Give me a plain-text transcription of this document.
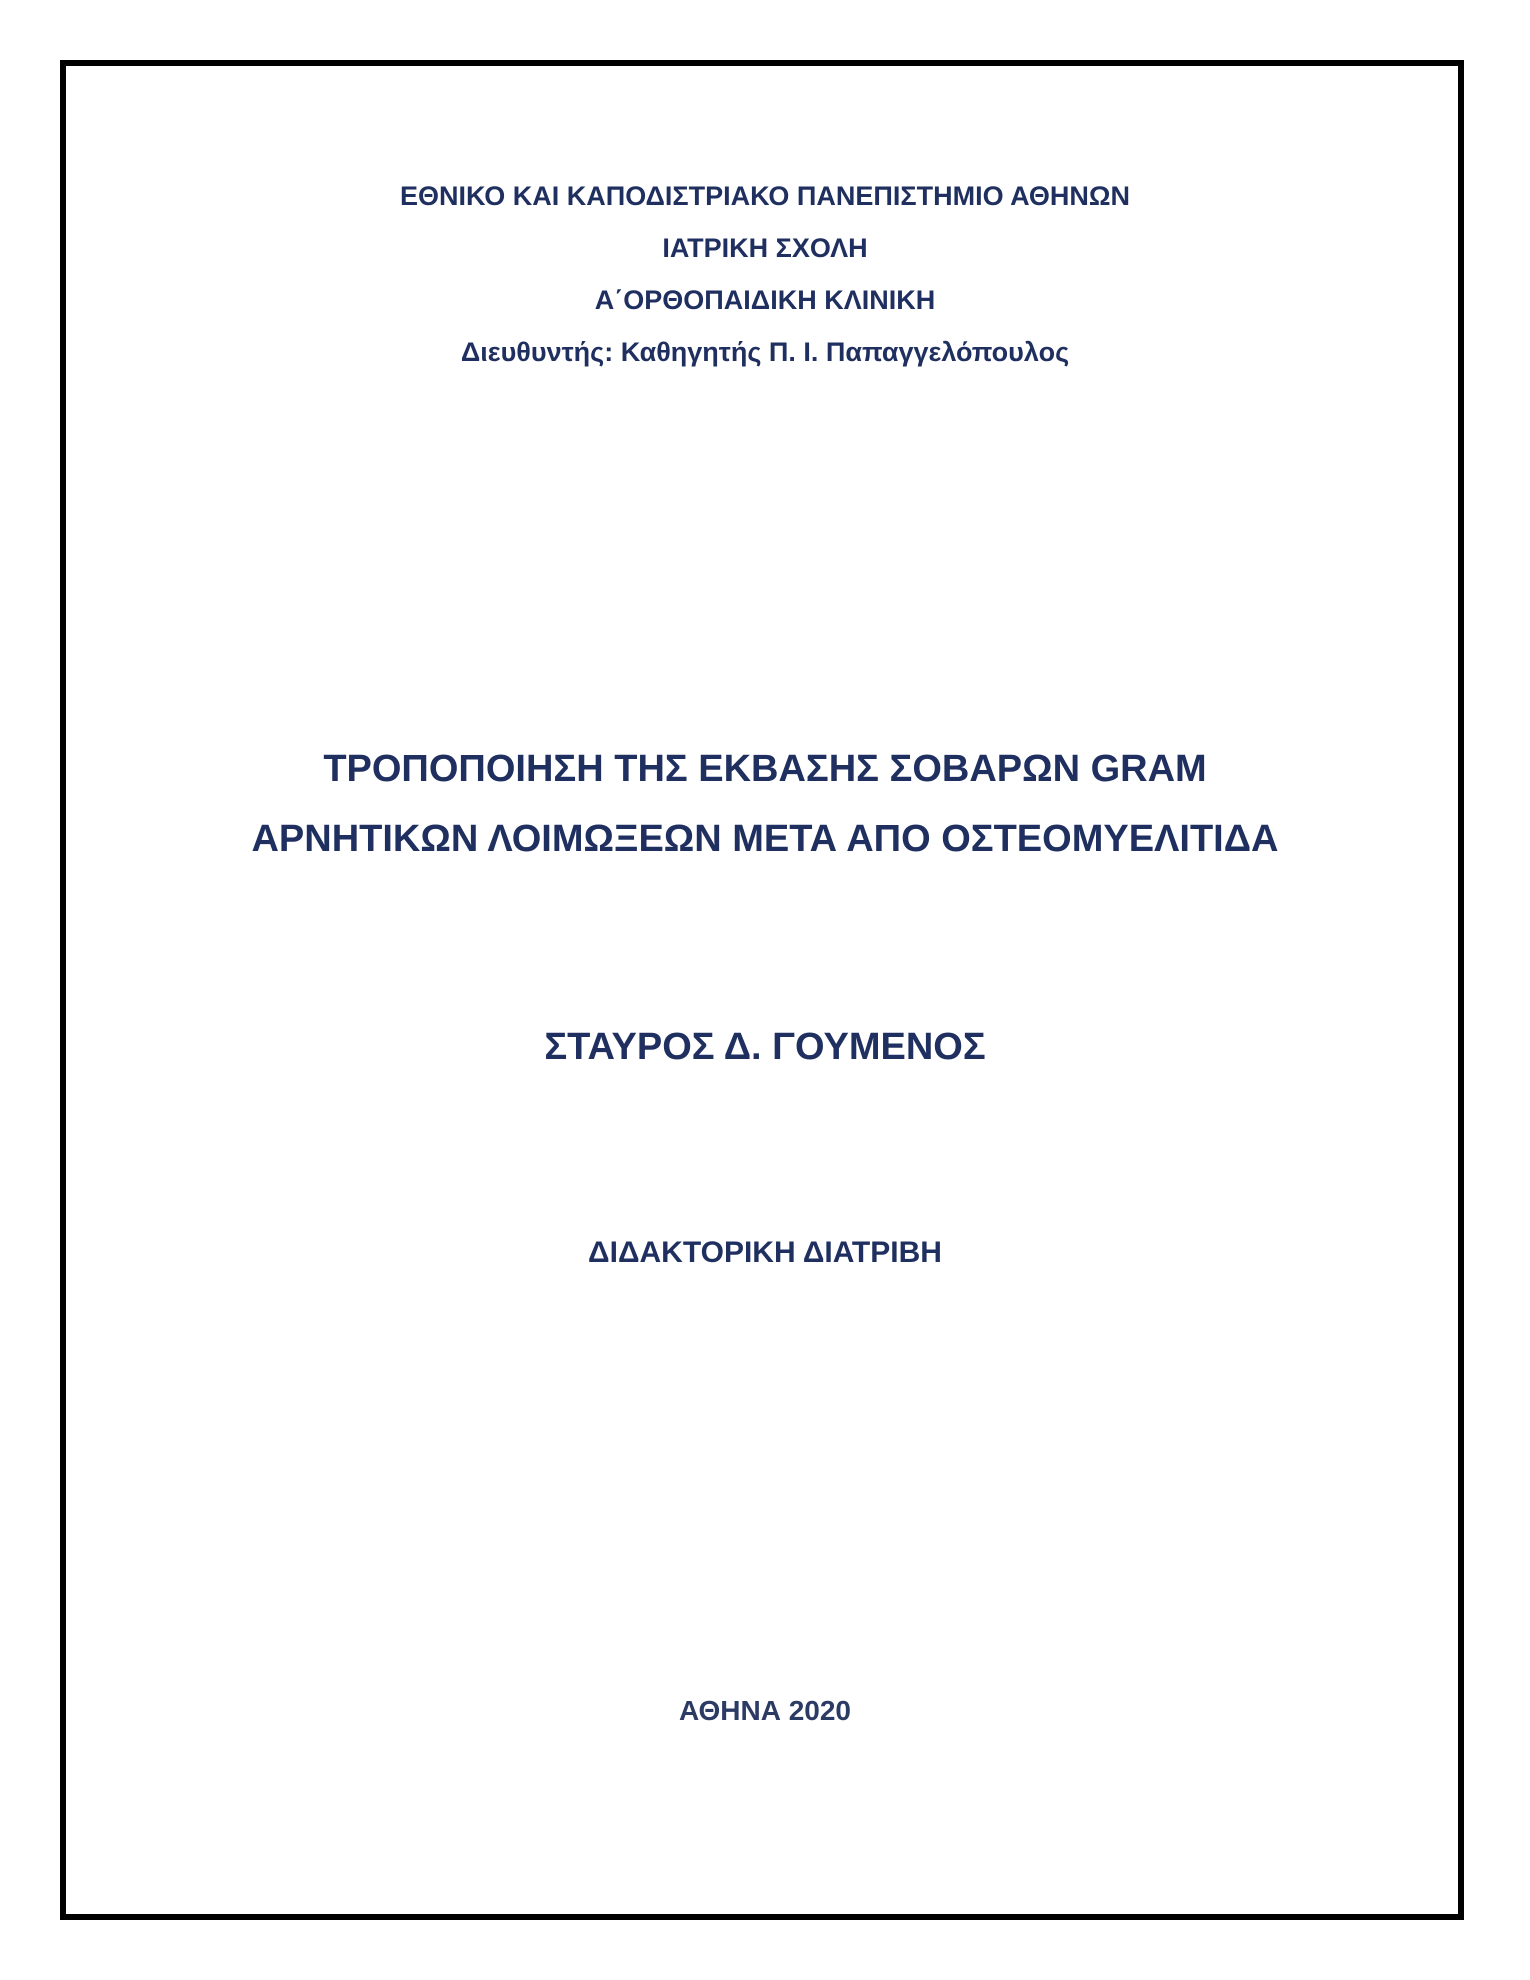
ΕΘΝΙΚΟ ΚΑΙ ΚΑΠΟΔΙΣΤΡΙΑΚΟ ΠΑΝΕΠΙΣΤΗΜΙΟ ΑΘΗΝΩΝ
ΙΑΤΡΙΚΗ ΣΧΟΛΗ
Α΄ΟΡΘΟΠΑΙΔΙΚΗ ΚΛΙΝΙΚΗ
Διευθυντής: Καθηγητής Π. Ι. Παπαγγελόπουλος
ΤΡΟΠΟΠΟΙΗΣΗ ΤΗΣ ΕΚΒΑΣΗΣ ΣΟΒΑΡΩΝ GRAM
ΑΡΝΗΤΙΚΩΝ ΛΟΙΜΩΞΕΩΝ ΜΕΤΑ ΑΠΟ ΟΣΤΕΟΜΥΕΛΙΤΙΔΑ
ΣΤΑΥΡΟΣ Δ. ΓΟΥΜΕΝΟΣ
ΔΙΔΑΚΤΟΡΙΚΗ ΔΙΑΤΡΙΒΗ
ΑΘΗΝΑ 2020
